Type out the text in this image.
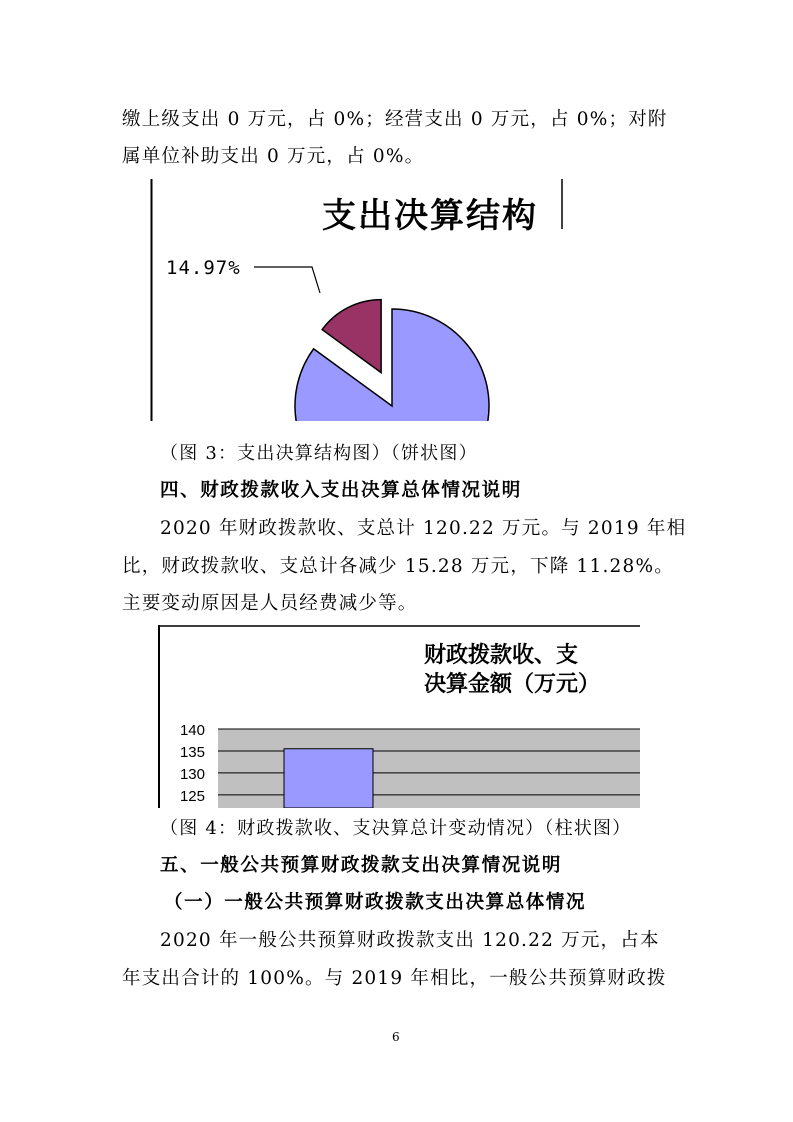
缴上级支出 0 万元，占 0%；经营支出 0 万元，占 0%；对附
属单位补助支出 0 万元，占 0%。
支出决算结构
14.97%
（图 3：支出决算结构图）（饼状图）
四、财政拨款收入支出决算总体情况说明
2020 年财政拨款收、支总计 120.22 万元。与 2019 年相
比，财政拨款收、支总计各减少 15.28 万元，下降 11.28%。
主要变动原因是人员经费减少等。
财政拨款收、支
决算金额（万元）
140
135
130
125
（图 4：财政拨款收、支决算总计变动情况）（柱状图）
五、一般公共预算财政拨款支出决算情况说明
（一）一般公共预算财政拨款支出决算总体情况
2020 年一般公共预算财政拨款支出 120.22 万元，占本
年支出合计的 100%。与 2019 年相比，一般公共预算财政拨
6
